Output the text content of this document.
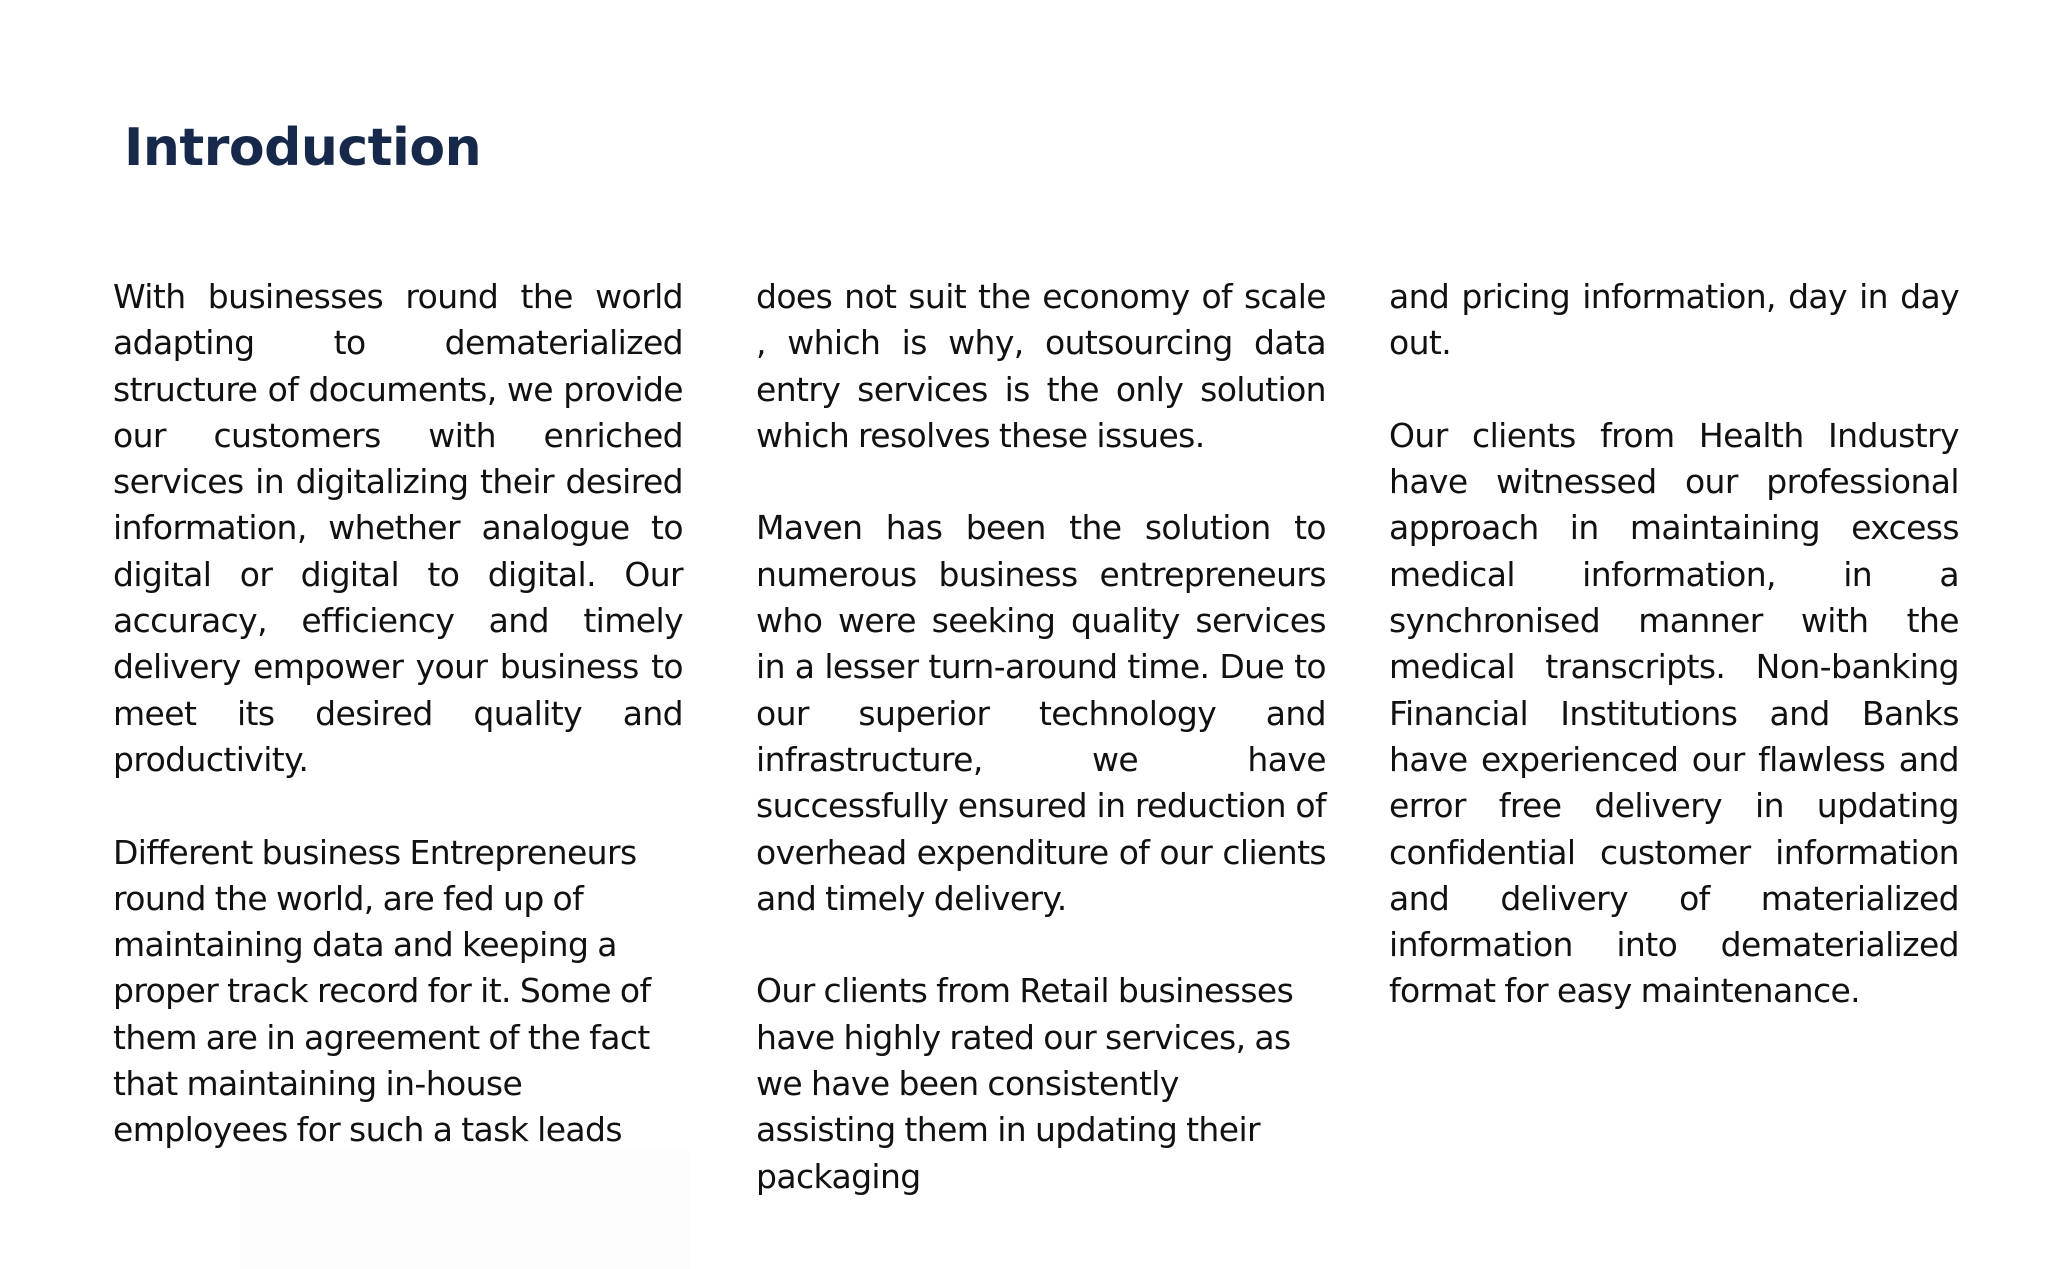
Introduction

With businesses round the world adapting to dematerialized structure of documents, we provide our customers with enriched services in digitalizing their desired information, whether analogue to digital or digital to digital. Our accuracy, efficiency and timely delivery empower your business to meet its desired quality and productivity.

Different business Entrepreneurs round the world, are fed up of maintaining data and keeping a proper track record for it. Some of them are in agreement of the fact that maintaining in-house employees for such a task leads

does not suit the economy of scale , which is why, outsourcing data entry services is the only solution which resolves these issues.

Maven has been the solution to numerous business entrepreneurs who were seeking quality services in a lesser turn-around time. Due to our superior technology and infrastructure, we have successfully ensured in reduction of overhead expenditure of our clients and timely delivery.

Our clients from Retail businesses have highly rated our services, as we have been consistently assisting them in updating their packaging

and pricing information, day in day out.

Our clients from Health Industry have witnessed our professional approach in maintaining excess medical information, in a synchronised manner with the medical transcripts. Non-banking Financial Institutions and Banks have experienced our flawless and error free delivery in updating confidential customer information and delivery of materialized information into dematerialized format for easy maintenance.
